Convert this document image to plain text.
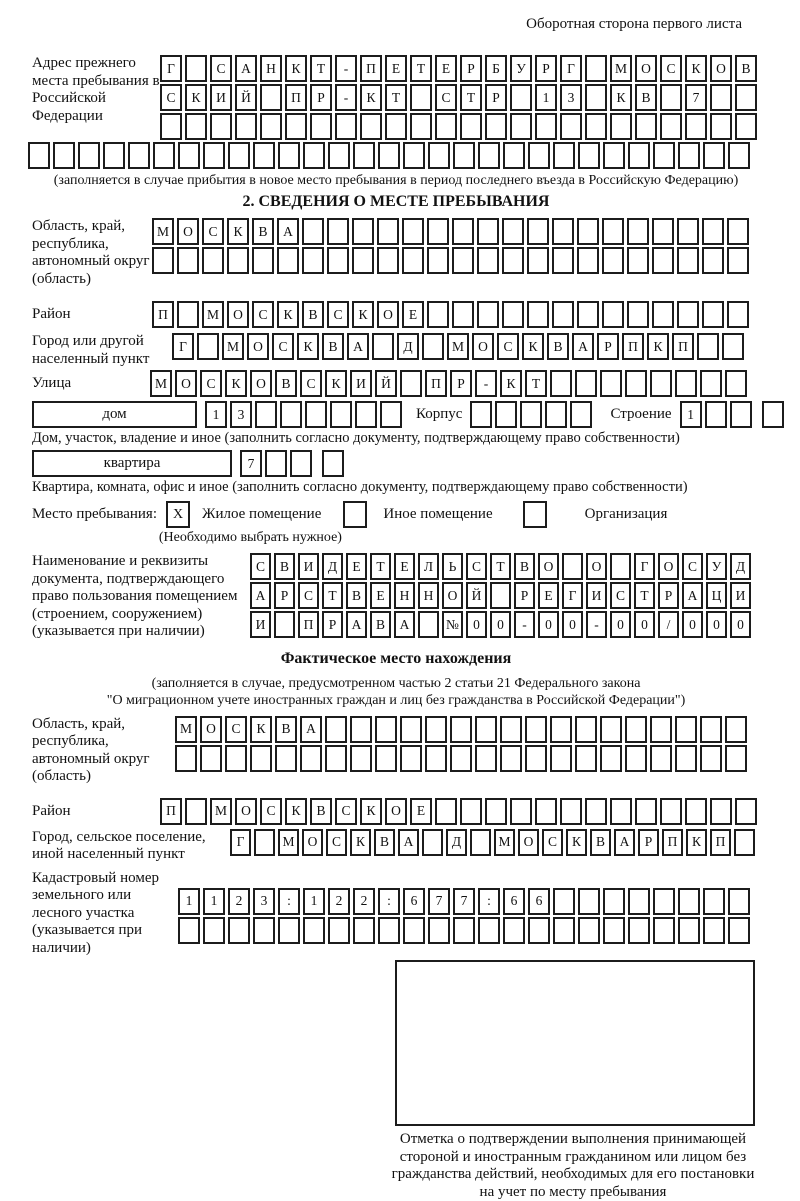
Оборотная сторона первого листа
Адрес прежнего места пребывания в Российской Федерации
Г	С	А	Н	К	Т	-	П	Е	Т	Е	Р	Б	У	Р	Г	М	О	С	К	О	В
С	К	И	Й	П	Р	-	К	Т	С	Т	Р	1	3	К	В	7
(заполняется в случае прибытия в новое место пребывания в период последнего въезда в Российскую Федерацию)
2. СВЕДЕНИЯ О МЕСТЕ ПРЕБЫВАНИЯ
Область, край, республика, автономный округ (область)
М	О	С	К	В	А
Район	П	М	О	С	К	В	С	К	О	Е
Город или другой населенный пункт
Г	М	О	С	К	В	А	Д	М	О	С	К	В	А	Р	П	К	П
Улица	М	О	С	К	О	В	С	К	И	Й	П	Р	-	К	Т
дом	1	3	Корпус	Строение	1
Дом, участок, владение и иное (заполнить согласно документу, подтверждающему право собственности)
квартира	7
Квартира, комната, офис и иное (заполнить согласно документу, подтверждающему право собственности)
Место пребывания:	X	Жилое помещение	Иное помещение	Организация
(Необходимо выбрать нужное)
Наименование и реквизиты документа, подтверждающего право пользования помещением (строением, сооружением) (указывается при наличии)
С	В	И	Д	Е	Т	Е	Л	Ь	С	Т	В	О	О	Г	О	С	У	Д
А	Р	С	Т	В	Е	Н	Н	О	Й	Р	Е	Г	И	С	Т	Р	А	Ц	И
И	П	Р	А	В	А	№	0	0	-	0	0	-	0	0	/	0	0	0
Фактическое место нахождения
(заполняется в случае, предусмотренном частью 2 статьи 21 Федерального закона
"О миграционном учете иностранных граждан и лиц без гражданства в Российской Федерации")
Область, край, республика, автономный округ (область)
М	О	С	К	В	А
Район	П	М	О	С	К	В	С	К	О	Е
Город, сельское поселение, иной населенный пункт
Г	М О	С	К	В	А	Д	М О	С	К	В	А	Р	П	К	П
Кадастровый номер земельного или лесного участка (указывается при наличии)
1	1	2	3	:	1	2	2	:	6	7	7	:	6	6
Отметка о подтверждении выполнения принимающей стороной и иностранным гражданином или лицом без гражданства действий, необходимых для его постановки на учет по месту пребывания
